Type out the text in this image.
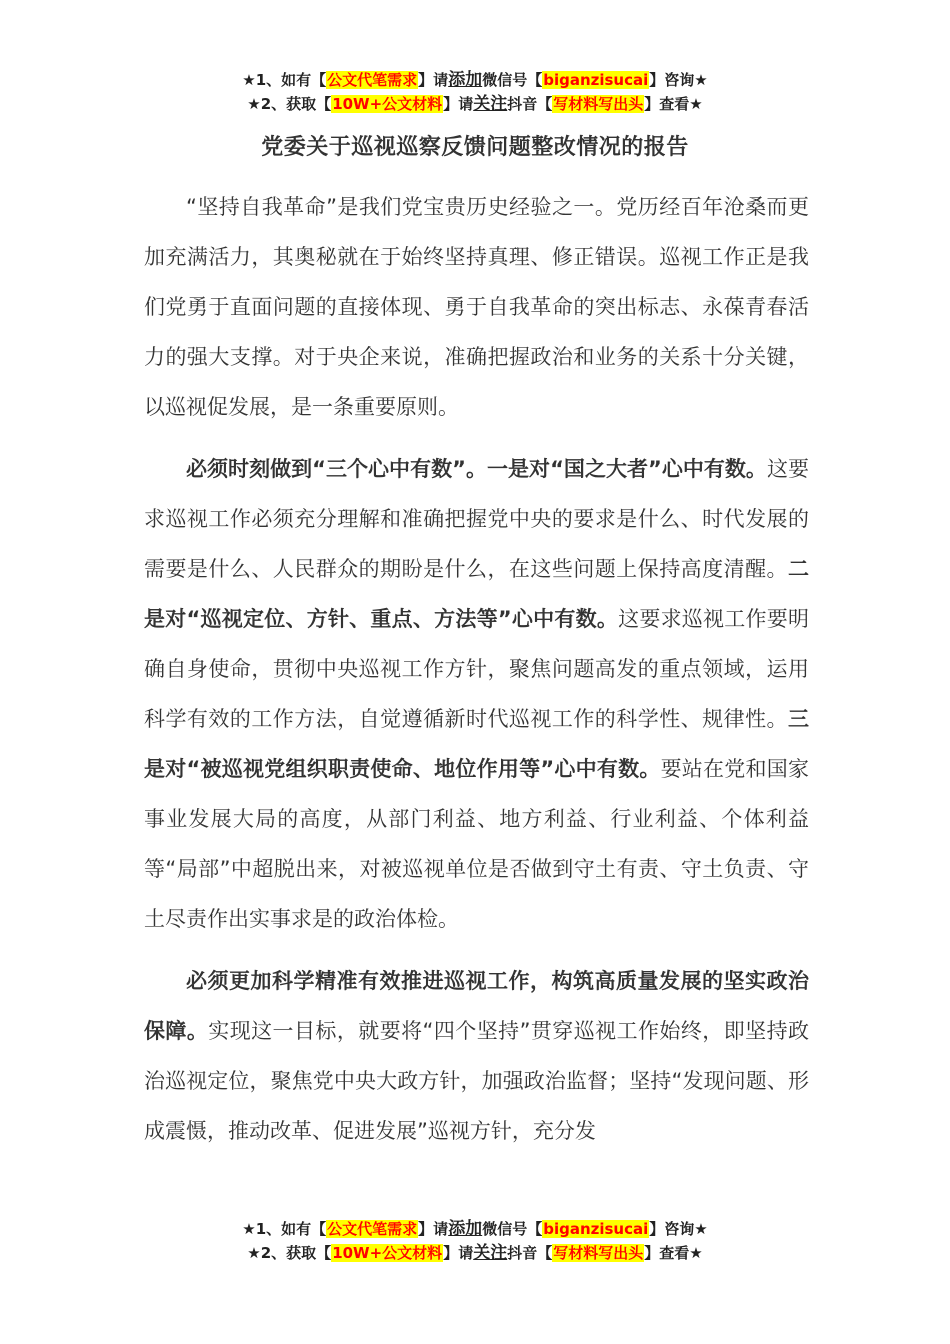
★1、如有【公文代笔需求】请添加微信号【biganzisucai】咨询★
★2、获取【10W+公文材料】请关注抖音【写材料写出头】查看★
党委关于巡视巡察反馈问题整改情况的报告

“坚持自我革命”是我们党宝贵历史经验之一。党历经百年沧桑而更加充满活力，其奥秘就在于始终坚持真理、修正错误。巡视工作正是我们党勇于直面问题的直接体现、勇于自我革命的突出标志、永葆青春活力的强大支撑。对于央企来说，准确把握政治和业务的关系十分关键，以巡视促发展，是一条重要原则。

必须时刻做到“三个心中有数”。一是对“国之大者”心中有数。这要求巡视工作必须充分理解和准确把握党中央的要求是什么、时代发展的需要是什么、人民群众的期盼是什么，在这些问题上保持高度清醒。二是对“巡视定位、方针、重点、方法等”心中有数。这要求巡视工作要明确自身使命，贯彻中央巡视工作方针，聚焦问题高发的重点领域，运用科学有效的工作方法，自觉遵循新时代巡视工作的科学性、规律性。三是对“被巡视党组织职责使命、地位作用等”心中有数。要站在党和国家事业发展大局的高度，从部门利益、地方利益、行业利益、个体利益等“局部”中超脱出来，对被巡视单位是否做到守土有责、守土负责、守土尽责作出实事求是的政治体检。

必须更加科学精准有效推进巡视工作，构筑高质量发展的坚实政治保障。实现这一目标，就要将“四个坚持”贯穿巡视工作始终，即坚持政治巡视定位，聚焦党中央大政方针，加强政治监督；坚持“发现问题、形成震慑，推动改革、促进发展”巡视方针，充分发

★1、如有【公文代笔需求】请添加微信号【biganzisucai】咨询★
★2、获取【10W+公文材料】请关注抖音【写材料写出头】查看★
